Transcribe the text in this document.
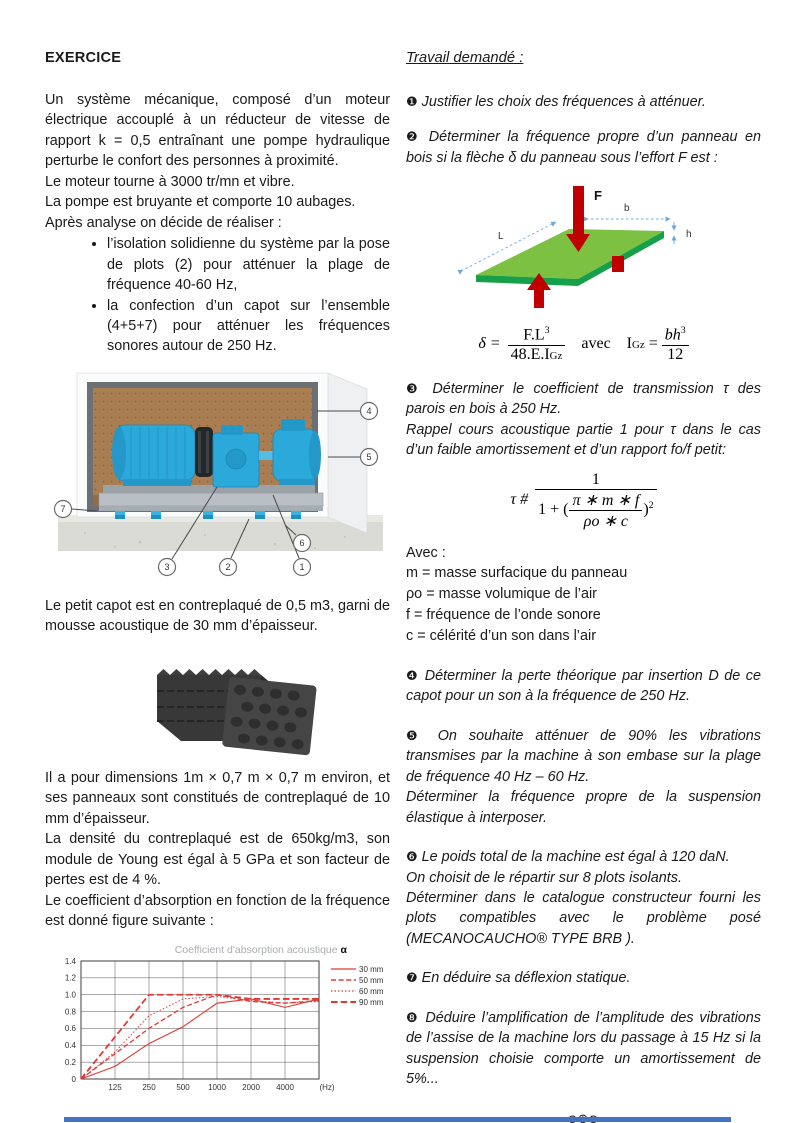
EXERCICE

Un système mécanique, composé d’un moteur électrique accouplé à un réducteur de vitesse de rapport k = 0,5 entraînant une pompe hydraulique perturbe le confort des personnes à proximité.

Le moteur tourne à 3000 tr/mn et vibre.

La pompe est bruyante et comporte 10 aubages.

Après analyse on décide de réaliser :

• l’isolation solidienne du système par la pose de plots (2) pour atténuer la plage de fréquence 40-60 Hz,
• la confection d’un capot sur l’ensemble (4+5+7) pour atténuer les fréquences sonores autour de 250 Hz.
4
5
7
6
3	2	1

Le petit capot est en contreplaqué de 0,5 m3, garni de mousse acoustique de 30 mm d’épaisseur.

Il a pour dimensions 1m × 0,7 m × 0,7 m environ, et ses panneaux sont constitués de contreplaqué de 10 mm d’épaisseur.

La densité du contreplaqué est de 650kg/m3, son module de Young est égal à 5 GPa et son facteur de pertes est de 4 %.

Le coefficient d’absorption en fonction de la fréquence est donné figure suivante :

0
0.2
0.4
0.6
0.8
1.0
1.2
1.4
125	250	500 1000 2000 4000	(Hz)
Coefficient d'absorption acoustique α
30 mm
50 mm
60 mm
90 mm
Travail demandé :

❶ Justifier les choix des fréquences à atténuer.

❷ Déterminer la fréquence propre d’un panneau en bois si la flèche δ du panneau sous l’effort F est :

L
b
h
F
$\delta = \frac{F.L^3}{\text{48.E.IGz}}$ avec IGz = $\frac{bh^3}{12}$

❸ Déterminer le coefficient de transmission τ des parois en bois à 250 Hz.

Rappel cours acoustique partie 1 pour τ dans le cas d’un faible amortissement et d’un rapport fo/f petit:

τ # $\frac{1}{1 + ( \frac{\pi ∗ m ∗ f}{\rho o ∗ c} )^2}$
Avec :
m = masse surfacique du panneau
ρo = masse volumique de l’air
f = fréquence de l’onde sonore
c = célérité d’un son dans l’air

❹ Déterminer la perte théorique par insertion D de ce capot pour un son à la fréquence de 250 Hz.

❺ On souhaite atténuer de 90% les vibrations transmises par la machine à son embase sur la plage de fréquence 40 Hz – 60 Hz.

Déterminer la fréquence propre de la suspension élastique à interposer.

❻ Le poids total de la machine est égal à 120 daN.

On choisit de le répartir sur 8 plots isolants.

Déterminer dans le catalogue constructeur fourni les plots compatibles avec le problème posé (MECANOCAUCHO® TYPE BRB ).

❼ En déduire sa déflexion statique.

❽ Déduire l’amplification de l’amplitude des vibrations de l’assise de la machine lors du passage à 15 Hz si la suspension choisie comporte un amortissement de 5%...
